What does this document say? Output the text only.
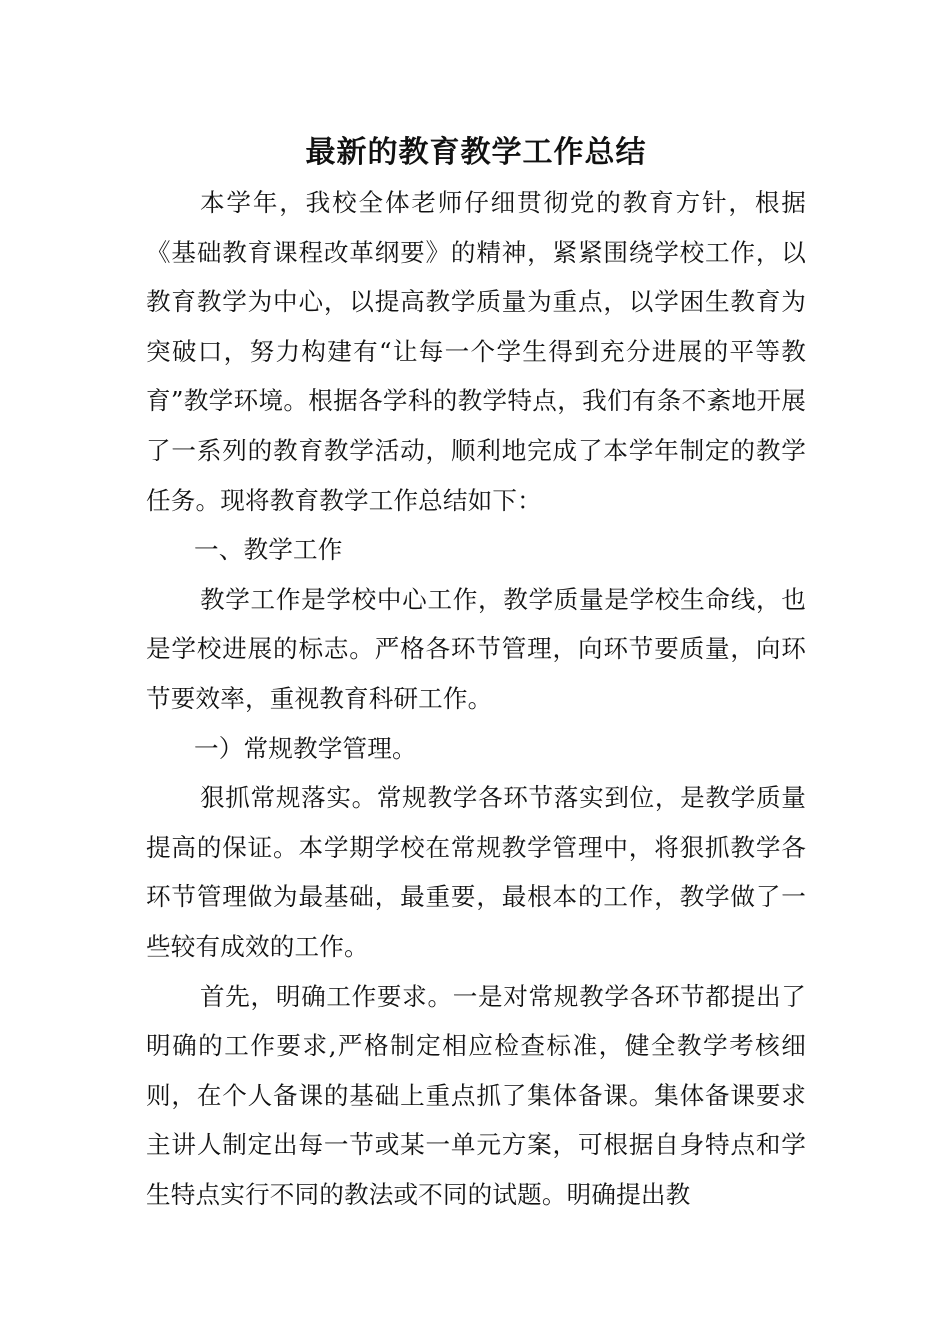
最新的教育教学工作总结

本学年，我校全体老师仔细贯彻党的教育方针，根据《基础教育课程改革纲要》的精神，紧紧围绕学校工作，以教育教学为中心，以提高教学质量为重点，以学困生教育为突破口，努力构建有“让每一个学生得到充分进展的平等教育”教学环境。根据各学科的教学特点，我们有条不紊地开展了一系列的教育教学活动，顺利地完成了本学年制定的教学任务。现将教育教学工作总结如下：

一、教学工作

教学工作是学校中心工作，教学质量是学校生命线，也是学校进展的标志。严格各环节管理，向环节要质量，向环节要效率，重视教育科研工作。

一）常规教学管理。

狠抓常规落实。常规教学各环节落实到位，是教学质量提高的保证。本学期学校在常规教学管理中，将狠抓教学各环节管理做为最基础，最重要，最根本的工作，教学做了一些较有成效的工作。

首先，明确工作要求。一是对常规教学各环节都提出了明确的工作要求,严格制定相应检查标准，健全教学考核细则，在个人备课的基础上重点抓了集体备课。集体备课要求主讲人制定出每一节或某一单元方案，可根据自身特点和学生特点实行不同的教法或不同的试题。明确提出教
